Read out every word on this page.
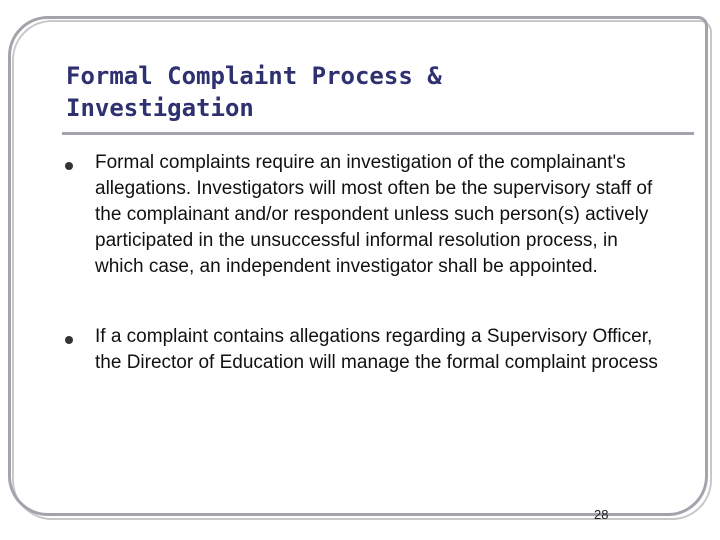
Formal Complaint Process &
Investigation
Formal complaints require an investigation of the complainant's allegations. Investigators will most often be the supervisory staff of the complainant and/or respondent unless such person(s) actively participated in the unsuccessful informal resolution process, in which case, an independent investigator shall be appointed.
If a complaint contains allegations regarding a Supervisory Officer, the Director of Education will manage the formal complaint process
28
